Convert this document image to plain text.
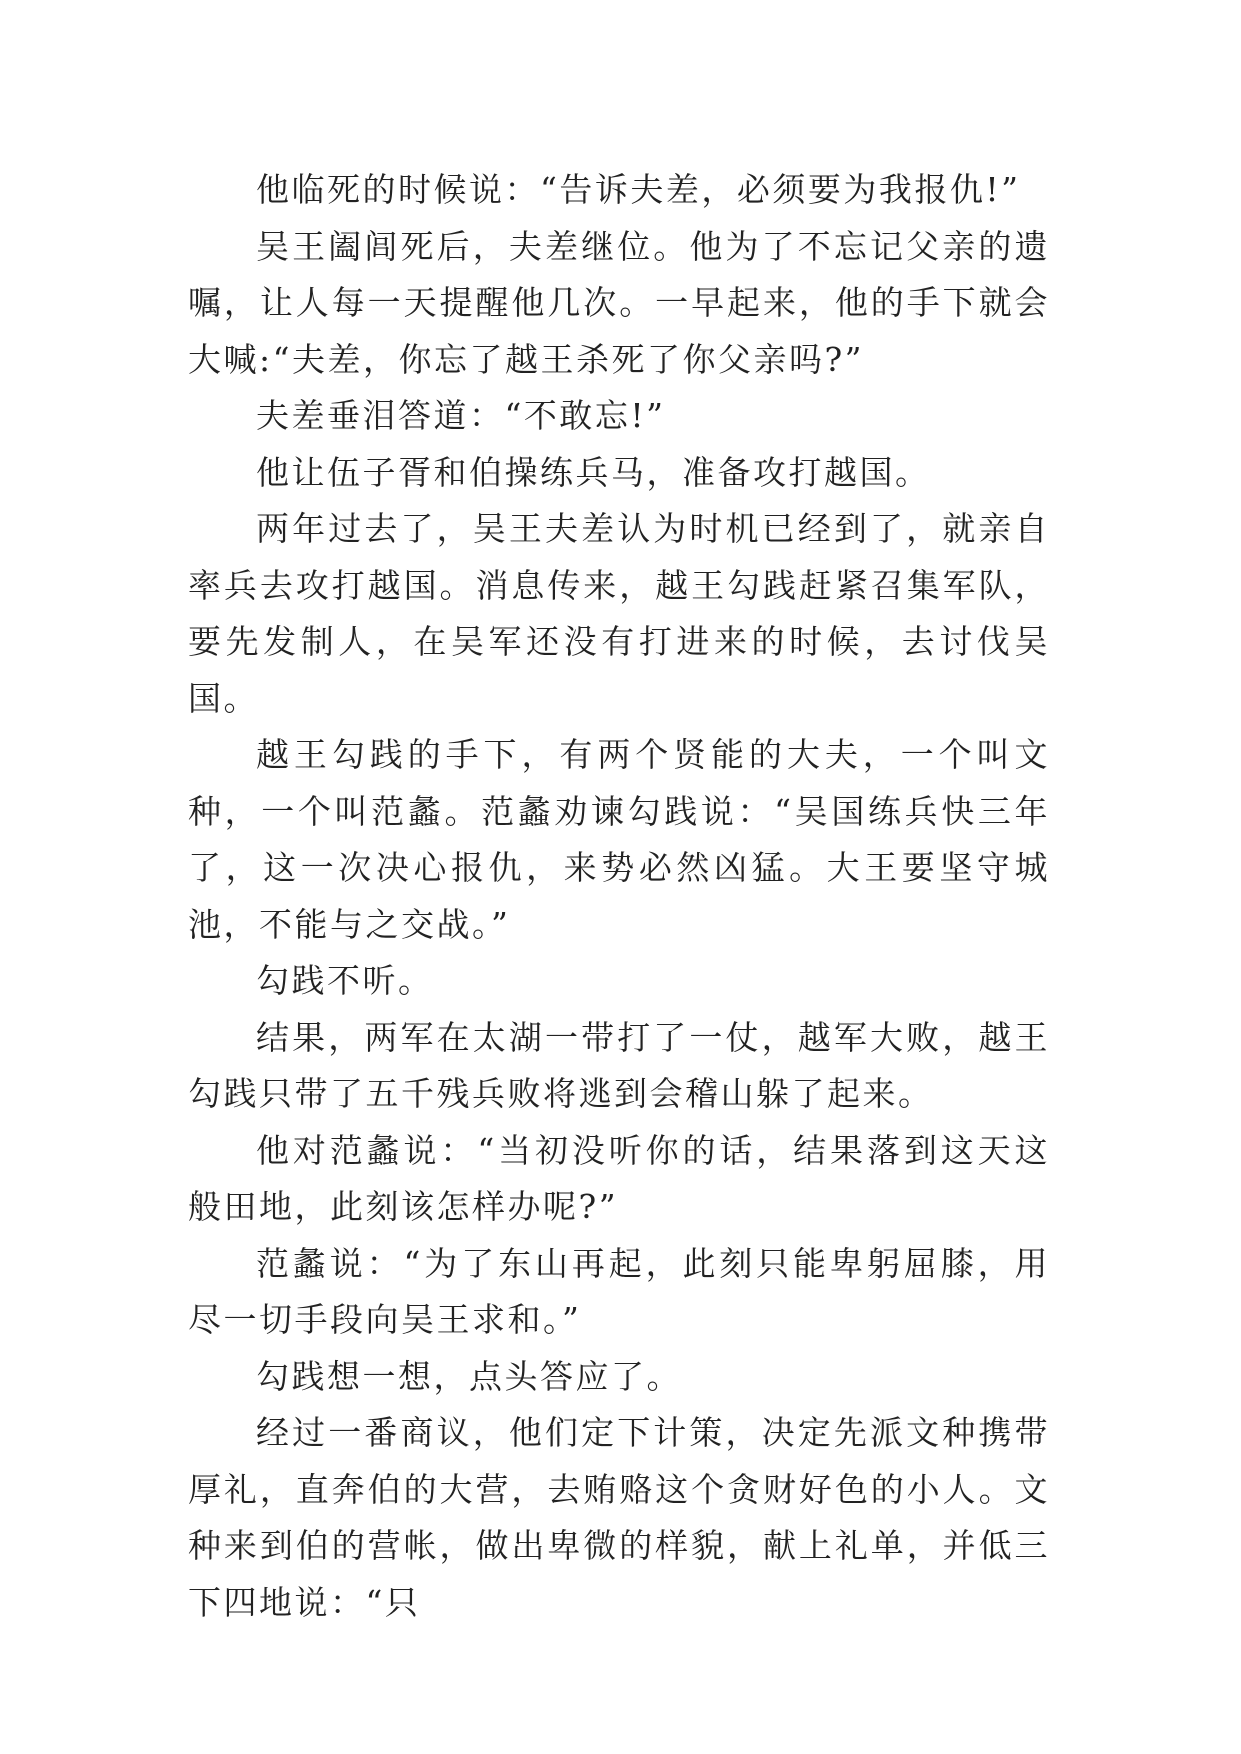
他临死的时候说：“告诉夫差，必须要为我报仇!”

吴王阖闾死后，夫差继位。他为了不忘记父亲的遗嘱，让人每一天提醒他几次。一早起来，他的手下就会大喊:“夫差，你忘了越王杀死了你父亲吗?”

夫差垂泪答道：“不敢忘!”

他让伍子胥和伯操练兵马，准备攻打越国。

两年过去了，吴王夫差认为时机已经到了，就亲自率兵去攻打越国。消息传来，越王勾践赶紧召集军队，要先发制人，在吴军还没有打进来的时候，去讨伐吴国。

越王勾践的手下，有两个贤能的大夫，一个叫文种，一个叫范蠡。范蠡劝谏勾践说：“吴国练兵快三年了，这一次决心报仇，来势必然凶猛。大王要坚守城池，不能与之交战。”

勾践不听。

结果，两军在太湖一带打了一仗，越军大败，越王勾践只带了五千残兵败将逃到会稽山躲了起来。

他对范蠡说：“当初没听你的话，结果落到这天这般田地，此刻该怎样办呢?”

范蠡说：“为了东山再起，此刻只能卑躬屈膝，用尽一切手段向吴王求和。”

勾践想一想，点头答应了。

经过一番商议，他们定下计策，决定先派文种携带厚礼，直奔伯的大营，去贿赂这个贪财好色的小人。文种来到伯的营帐，做出卑微的样貌，献上礼单，并低三下四地说：“只
